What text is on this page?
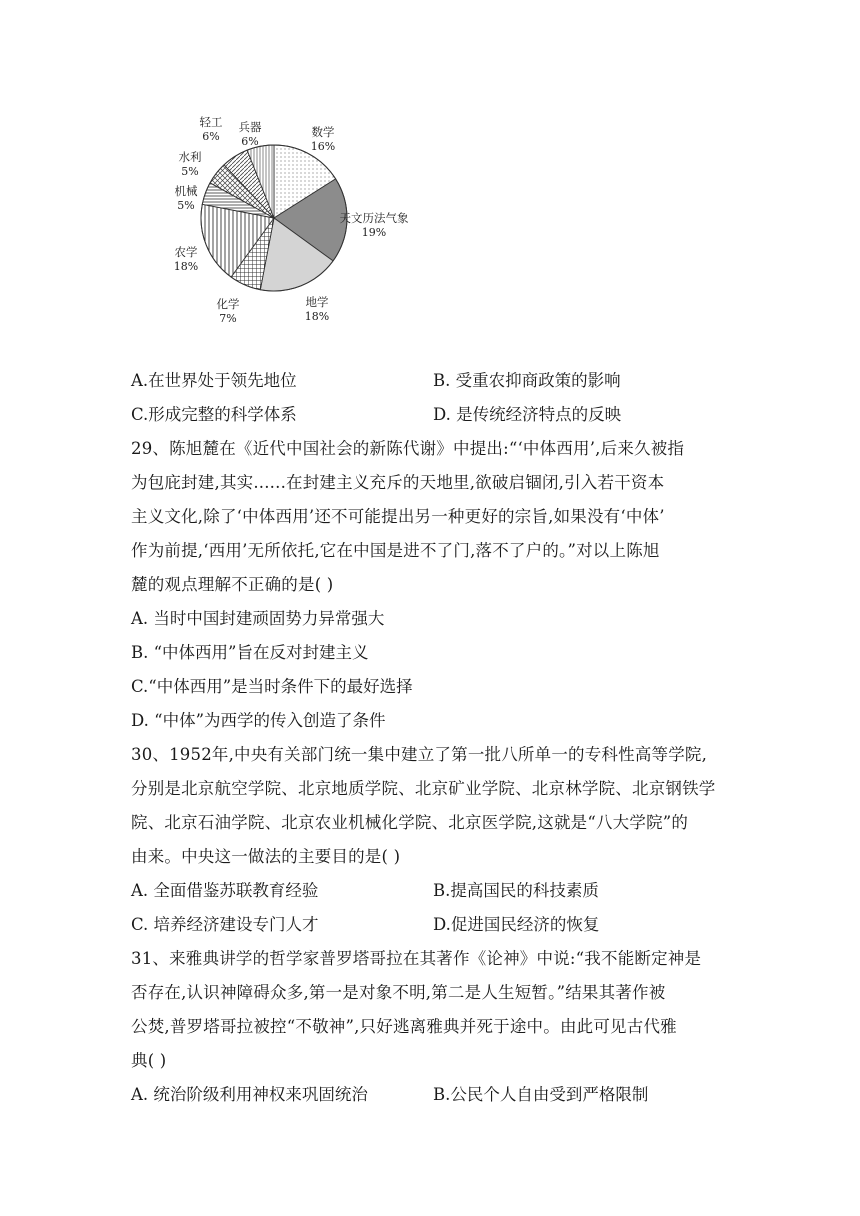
数学
16%
天文历法气象
19%
地学
18%
化学
7%
农学
18%
机械
5%
水利
5%
轻工
6%
兵器
6%
A.在世界处于领先地位	B. 受重农抑商政策的影响
C.形成完整的科学体系	D. 是传统经济特点的反映
29、陈旭麓在《近代中国社会的新陈代谢》中提出:“‘中体西用’,后来久被指
为包庇封建,其实......在封建主义充斥的天地里,欲破启锢闭,引入若干资本
主义文化,除了‘中体西用’还不可能提出另一种更好的宗旨,如果没有‘中体’
作为前提,‘西用’无所依托,它在中国是进不了门,落不了户的。”对以上陈旭
麓的观点理解不正确的是( )
A. 当时中国封建顽固势力异常强大
B. “中体西用”旨在反对封建主义
C.“中体西用”是当时条件下的最好选择
D. “中体”为西学的传入创造了条件
30、1952年,中央有关部门统一集中建立了第一批八所单一的专科性高等学院,
分别是北京航空学院、北京地质学院、北京矿业学院、北京林学院、北京钢铁学
院、北京石油学院、北京农业机械化学院、北京医学院,这就是“八大学院”的
由来。中央这一做法的主要目的是( )
A. 全面借鉴苏联教育经验	B.提高国民的科技素质
C. 培养经济建设专门人才	D.促进国民经济的恢复
31、来雅典讲学的哲学家普罗塔哥拉在其著作《论神》中说:“我不能断定神是
否存在,认识神障碍众多,第一是对象不明,第二是人生短暂。”结果其著作被
公焚,普罗塔哥拉被控“不敬神”,只好逃离雅典并死于途中。由此可见古代雅
典( )
A. 统治阶级利用神权来巩固统治	B.公民个人自由受到严格限制
